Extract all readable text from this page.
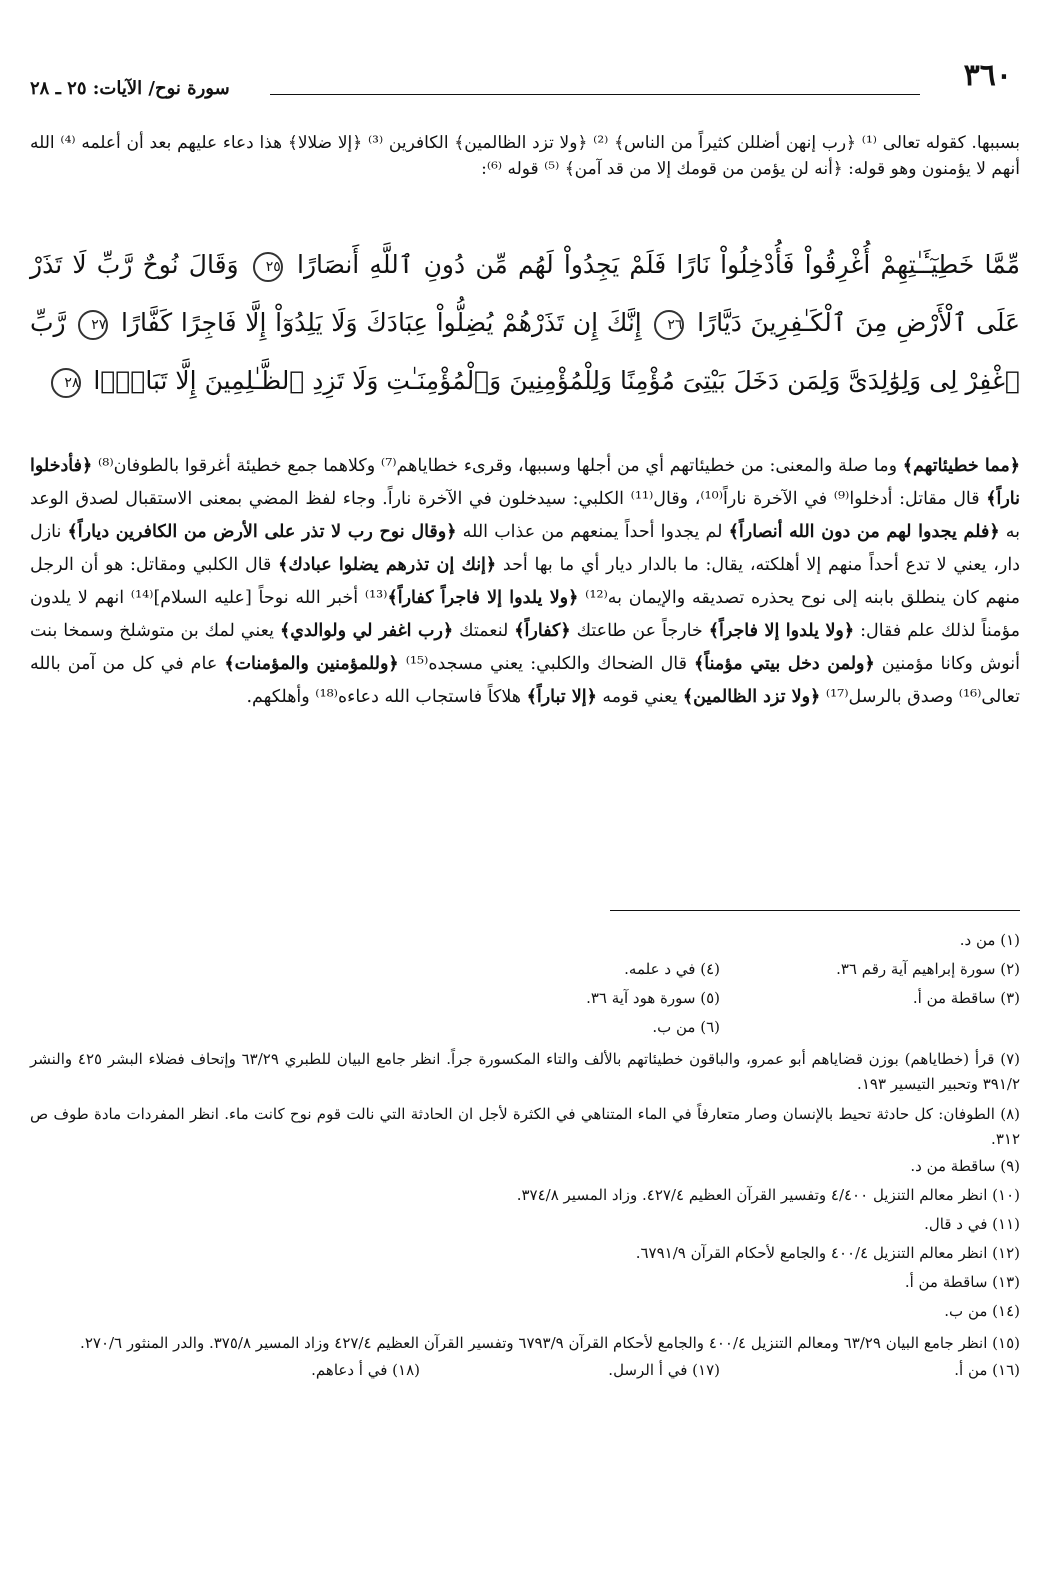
٣٦٠
سورة نوح/ الآيات: ٢٥ ـ ٢٨
بسببها. كقوله تعالى ⁽¹⁾ ﴿رب إنهن أضللن كثيراً من الناس﴾ ⁽²⁾ ﴿ولا تزد الظالمين﴾ الكافرين ⁽³⁾ ﴿إلا ضلالا﴾ هذا دعاء عليهم بعد أن أعلمه ⁽⁴⁾ الله أنهم لا يؤمنون وهو قوله: ﴿أنه لن يؤمن من قومك إلا من قد آمن﴾ ⁽⁵⁾ قوله ⁽⁶⁾:
مِّمَّا خَطِيٓـَٔـٰتِهِمْ أُغْرِقُواْ فَأُدْخِلُواْ نَارًا فَلَمْ يَجِدُواْ لَهُم مِّن دُونِ ٱللَّهِ أَنصَارًا ٢٥ وَقَالَ نُوحٌ رَّبِّ لَا تَذَرْ عَلَى ٱلْأَرْضِ مِنَ ٱلْكَـٰفِرِينَ دَيَّارًا ٢٦ إِنَّكَ إِن تَذَرْهُمْ يُضِلُّواْ عِبَادَكَ وَلَا يَلِدُوٓاْ إِلَّا فَاجِرًا كَفَّارًا ٢٧ رَّبِّ ٱغْفِرْ لِى وَلِوَٰلِدَىَّ وَلِمَن دَخَلَ بَيْتِىَ مُؤْمِنًا وَلِلْمُؤْمِنِينَ وَٱلْمُؤْمِنَـٰتِ وَلَا تَزِدِ ٱلظَّـٰلِمِينَ إِلَّا تَبَارًۢا ٢٨

﴿مما خطيئاتهم﴾ وما صلة والمعنى: من خطيئاتهم أي من أجلها وسببها، وقرىء خطاياهم⁽⁷⁾ وكلاهما جمع خطيئة أغرقوا بالطوفان⁽⁸⁾ ﴿فأدخلوا ناراً﴾ قال مقاتل: أدخلوا⁽⁹⁾ في الآخرة ناراً⁽¹⁰⁾، وقال⁽¹¹⁾ الكلبي: سيدخلون في الآخرة ناراً. وجاء لفظ المضي بمعنى الاستقبال لصدق الوعد به ﴿فلم يجدوا لهم من دون الله أنصاراً﴾ لم يجدوا أحداً يمنعهم من عذاب الله ﴿وقال نوح رب لا تذر على الأرض من الكافرين دياراً﴾ نازل دار، يعني لا تدع أحداً منهم إلا أهلكته، يقال: ما بالدار ديار أي ما بها أحد ﴿إنك إن تذرهم يضلوا عبادك﴾ قال الكلبي ومقاتل: هو أن الرجل منهم كان ينطلق بابنه إلى نوح يحذره تصديقه والإيمان به⁽¹²⁾ ﴿ولا يلدوا إلا فاجراً كفاراً﴾⁽¹³⁾ أخبر الله نوحاً [عليه السلام]⁽¹⁴⁾ انهم لا يلدون مؤمناً لذلك علم فقال: ﴿ولا يلدوا إلا فاجراً﴾ خارجاً عن طاعتك ﴿كفاراً﴾ لنعمتك ﴿رب اغفر لي ولوالدي﴾ يعني لمك بن متوشلخ وسمخا بنت أنوش وكانا مؤمنين ﴿ولمن دخل بيتي مؤمناً﴾ قال الضحاك والكلبي: يعني مسجده⁽¹⁵⁾ ﴿وللمؤمنين والمؤمنات﴾ عام في كل من آمن بالله تعالى⁽¹⁶⁾ وصدق بالرسل⁽¹⁷⁾ ﴿ولا تزد الظالمين﴾ يعني قومه ﴿إلا تباراً﴾ هلاكاً فاستجاب الله دعاءه⁽¹⁸⁾ وأهلكهم.

(١) من د.
(٢) سورة إبراهيم آية رقم ٣٦.
(٤) في د علمه.
(٣) ساقطة من أ.
(٥) سورة هود آية ٣٦.
(٦) من ب.
(٧) قرأ (خطاياهم) بوزن قضاياهم أبو عمرو، والباقون خطيئاتهم بالألف والتاء المكسورة جراً. انظر جامع البيان للطبري ٦٣/٢٩ وإتحاف فضلاء البشر ٤٢٥ والنشر ٣٩١/٢ وتحبير التيسير ١٩٣.
(٨) الطوفان: كل حادثة تحيط بالإنسان وصار متعارفاً في الماء المتناهي في الكثرة لأجل ان الحادثة التي نالت قوم نوح كانت ماء. انظر المفردات مادة طوف ص ٣١٢.
(٩) ساقطة من د.
(١٠) انظر معالم التنزيل ٤/٤٠٠ وتفسير القرآن العظيم ٤٢٧/٤. وزاد المسير ٣٧٤/٨.
(١١) في د قال.
(١٢) انظر معالم التنزيل ٤٠٠/٤ والجامع لأحكام القرآن ٦٧٩١/٩.
(١٣) ساقطة من أ.
(١٤) من ب.
(١٥) انظر جامع البيان ٦٣/٢٩ ومعالم التنزيل ٤٠٠/٤ والجامع لأحكام القرآن ٦٧٩٣/٩ وتفسير القرآن العظيم ٤٢٧/٤ وزاد المسير ٣٧٥/٨. والدر المنثور ٢٧٠/٦.
(١٦) من أ.
(١٧) في أ الرسل.
(١٨) في أ دعاهم.
